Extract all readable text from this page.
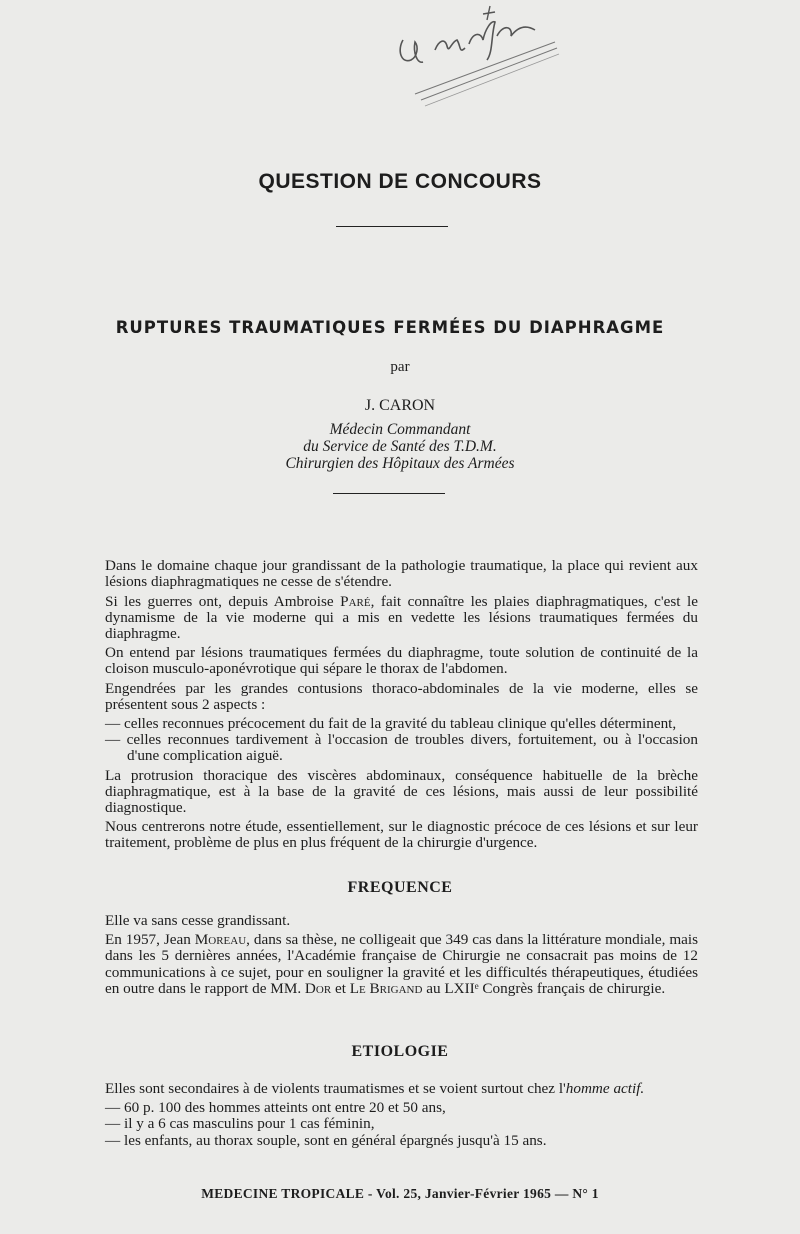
QUESTION DE CONCOURS
RUPTURES TRAUMATIQUES FERMÉES DU DIAPHRAGME
par
J. CARON
Médecin Commandant
du Service de Santé des T.D.M.
Chirurgien des Hôpitaux des Armées

Dans le domaine chaque jour grandissant de la pathologie traumatique, la place qui revient aux lésions diaphragmatiques ne cesse de s'étendre.

Si les guerres ont, depuis Ambroise Paré, fait connaître les plaies diaphragmatiques, c'est le dynamisme de la vie moderne qui a mis en vedette les lésions traumatiques fermées du diaphragme.

On entend par lésions traumatiques fermées du diaphragme, toute solution de continuité de la cloison musculo-aponévrotique qui sépare le thorax de l'abdomen.

Engendrées par les grandes contusions thoraco-abdominales de la vie moderne, elles se présentent sous 2 aspects :

— celles reconnues précocement du fait de la gravité du tableau clinique qu'elles déterminent,
— celles reconnues tardivement à l'occasion de troubles divers, fortuitement, ou à l'occasion d'une complication aiguë.

La protrusion thoracique des viscères abdominaux, conséquence habituelle de la brèche diaphragmatique, est à la base de la gravité de ces lésions, mais aussi de leur possibilité diagnostique.

Nous centrerons notre étude, essentiellement, sur le diagnostic précoce de ces lésions et sur leur traitement, problème de plus en plus fréquent de la chirurgie d'urgence.

FREQUENCE

Elle va sans cesse grandissant.

En 1957, Jean Moreau, dans sa thèse, ne colligeait que 349 cas dans la littérature mondiale, mais dans les 5 dernières années, l'Académie française de Chirurgie ne consacrait pas moins de 12 communications à ce sujet, pour en souligner la gravité et les difficultés thérapeutiques, étudiées en outre dans le rapport de MM. Dor et Le Brigand au LXIIᵉ Congrès français de chirurgie.

ETIOLOGIE

Elles sont secondaires à de violents traumatismes et se voient surtout chez l'homme actif.

— 60 p. 100 des hommes atteints ont entre 20 et 50 ans,
— il y a 6 cas masculins pour 1 cas féminin,
— les enfants, au thorax souple, sont en général épargnés jusqu'à 15 ans.
MEDECINE TROPICALE - Vol. 25, Janvier-Février 1965 — N° 1
